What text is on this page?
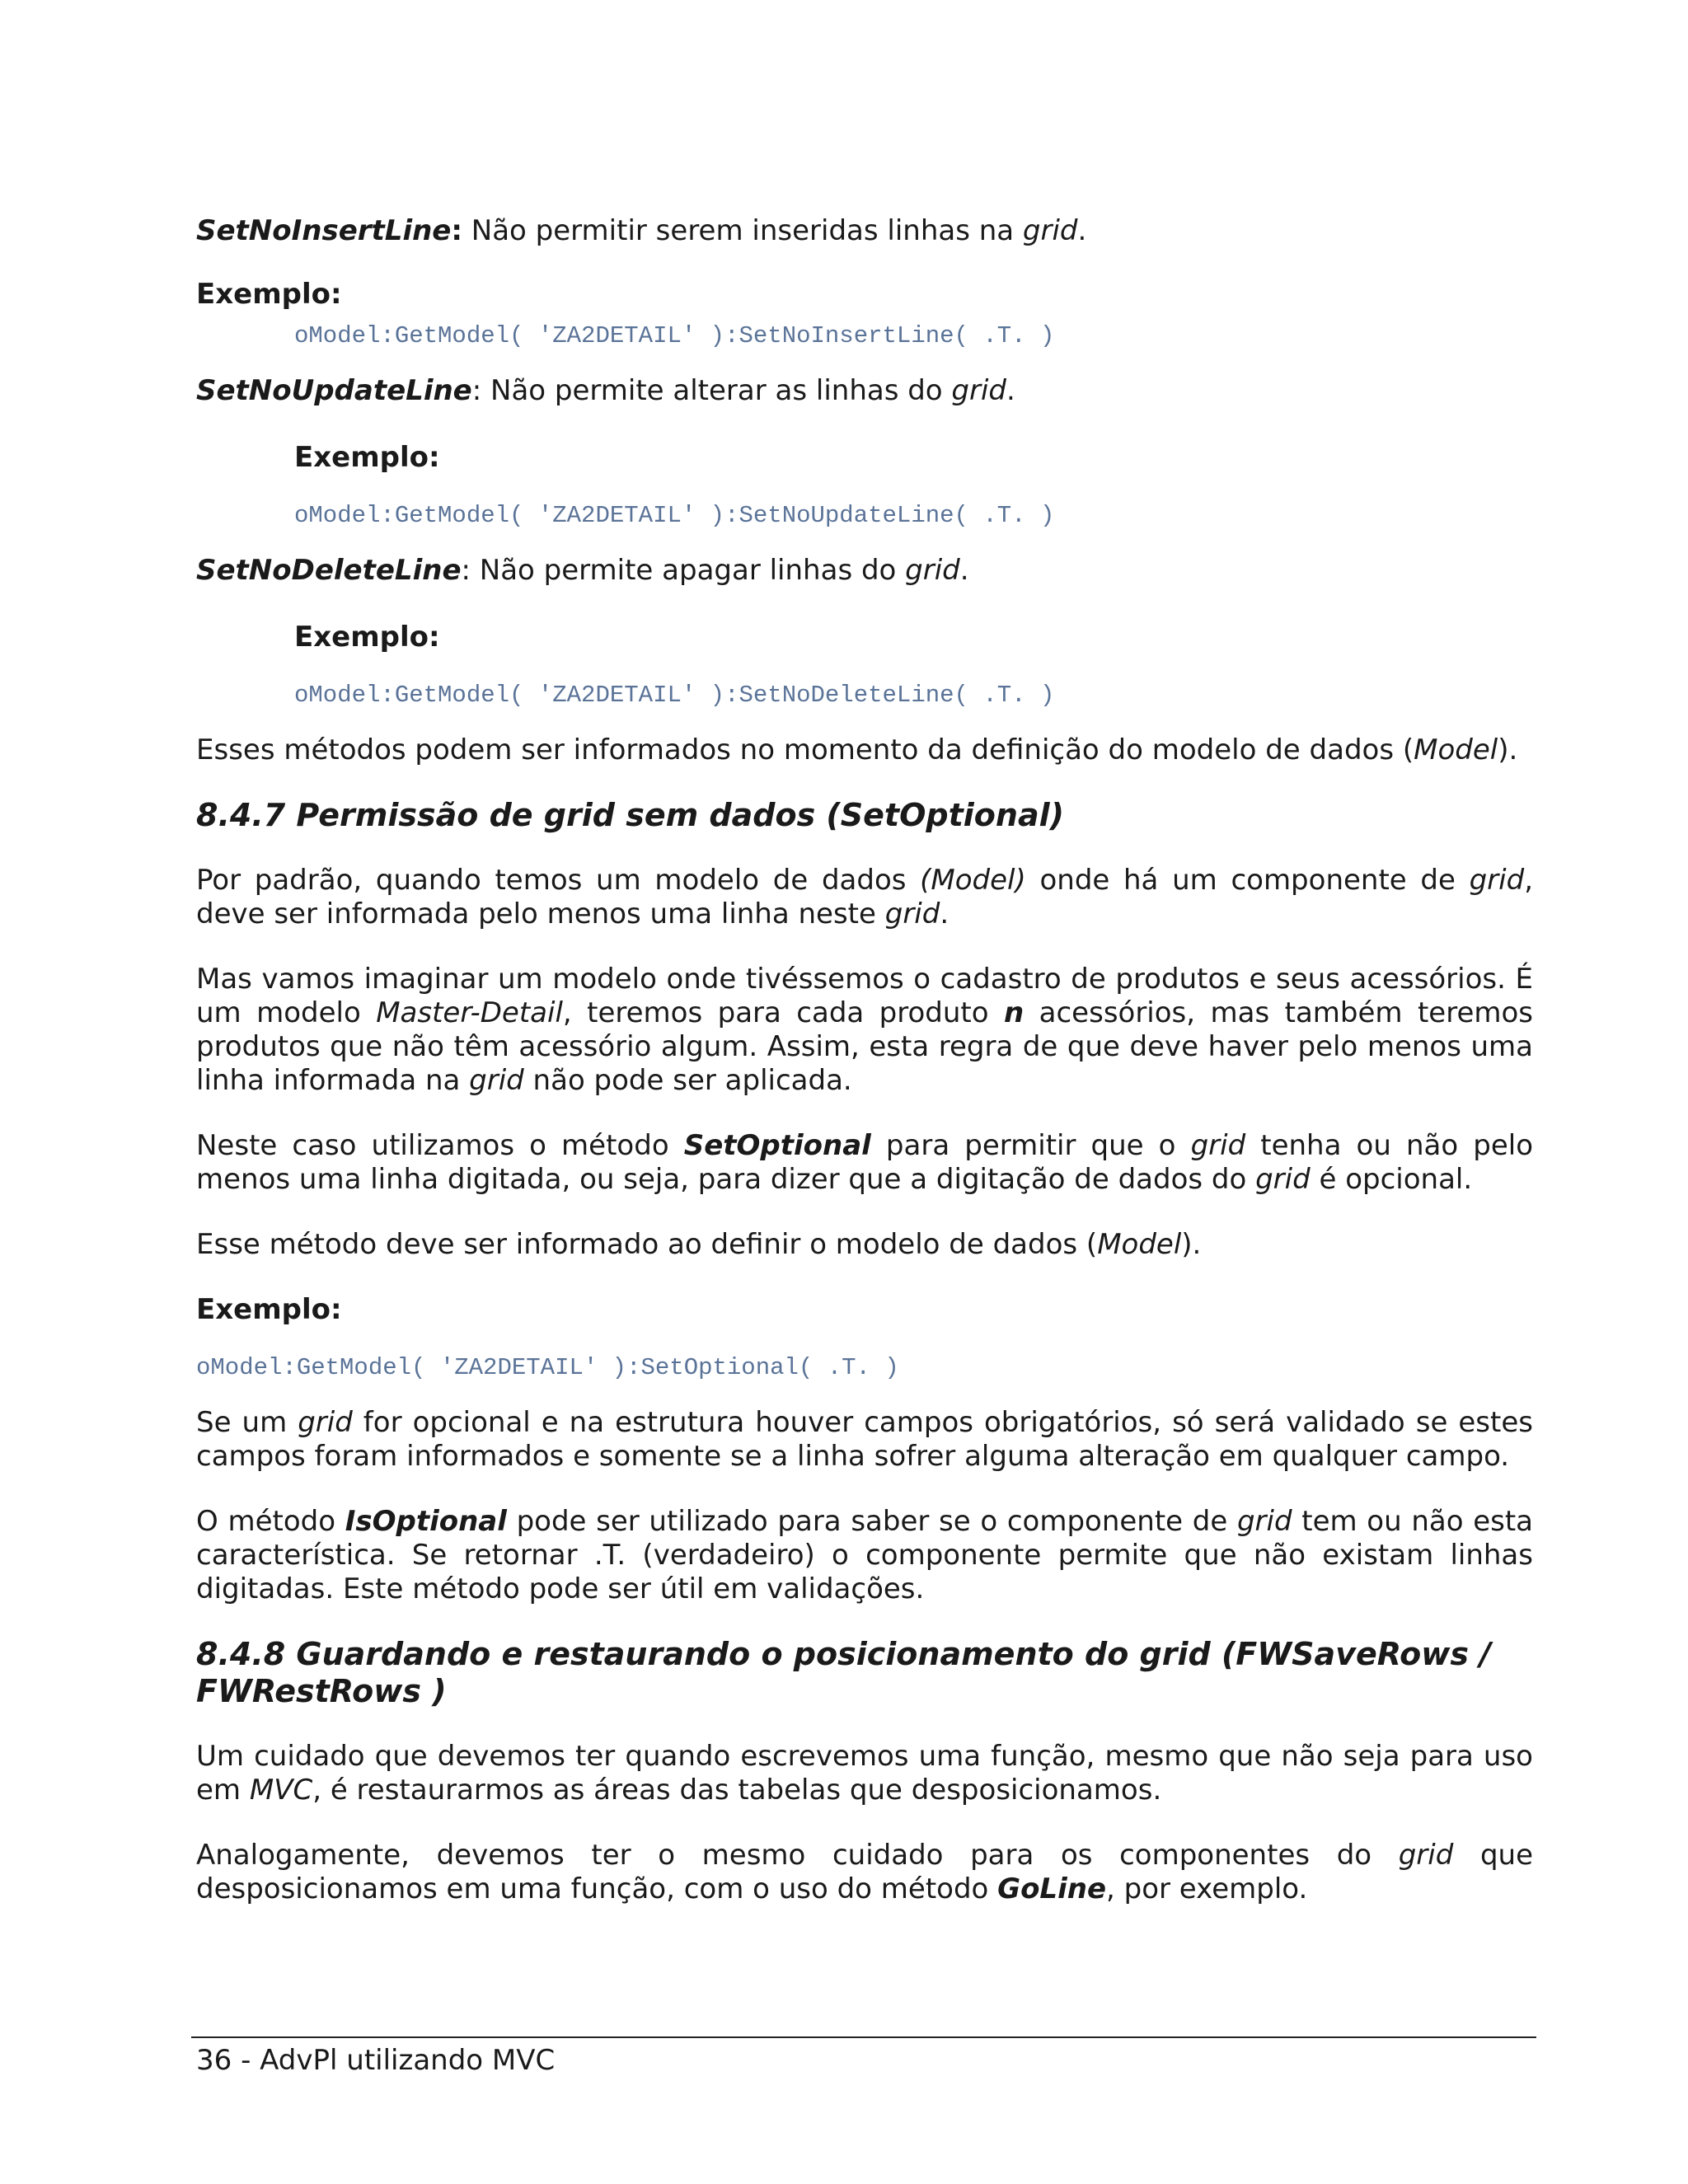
SetNoInsertLine: Não permitir serem inseridas linhas na grid.

Exemplo:

oModel:GetModel( 'ZA2DETAIL' ):SetNoInsertLine( .T. )

SetNoUpdateLine: Não permite alterar as linhas do grid.

Exemplo:

oModel:GetModel( 'ZA2DETAIL' ):SetNoUpdateLine( .T. )

SetNoDeleteLine: Não permite apagar linhas do grid.

Exemplo:

oModel:GetModel( 'ZA2DETAIL' ):SetNoDeleteLine( .T. )

Esses métodos podem ser informados no momento da definição do modelo de dados (Model).

8.4.7 Permissão de grid sem dados (SetOptional)

Por padrão, quando temos um modelo de dados (Model) onde há um componente de grid, deve ser informada pelo menos uma linha neste grid.

Mas vamos imaginar um modelo onde tivéssemos o cadastro de produtos e seus acessórios. É um modelo Master-Detail, teremos para cada produto n acessórios, mas também teremos produtos que não têm acessório algum. Assim, esta regra de que deve haver pelo menos uma linha informada na grid não pode ser aplicada.

Neste caso utilizamos o método SetOptional para permitir que o grid tenha ou não pelo menos uma linha digitada, ou seja, para dizer que a digitação de dados do grid é opcional.

Esse método deve ser informado ao definir o modelo de dados (Model).

Exemplo:

oModel:GetModel( 'ZA2DETAIL' ):SetOptional( .T. )

Se um grid for opcional e na estrutura houver campos obrigatórios, só será validado se estes campos foram informados e somente se a linha sofrer alguma alteração em qualquer campo.

O método IsOptional pode ser utilizado para saber se o componente de grid tem ou não esta característica. Se retornar .T. (verdadeiro) o componente permite que não existam linhas digitadas. Este método pode ser útil em validações.

8.4.8 Guardando e restaurando o posicionamento do grid (FWSaveRows / FWRestRows )

Um cuidado que devemos ter quando escrevemos uma função, mesmo que não seja para uso em MVC, é restaurarmos as áreas das tabelas que desposicionamos.

Analogamente, devemos ter o mesmo cuidado para os componentes do grid que desposicionamos em uma função, com o uso do método GoLine, por exemplo.

36 - AdvPl utilizando MVC
